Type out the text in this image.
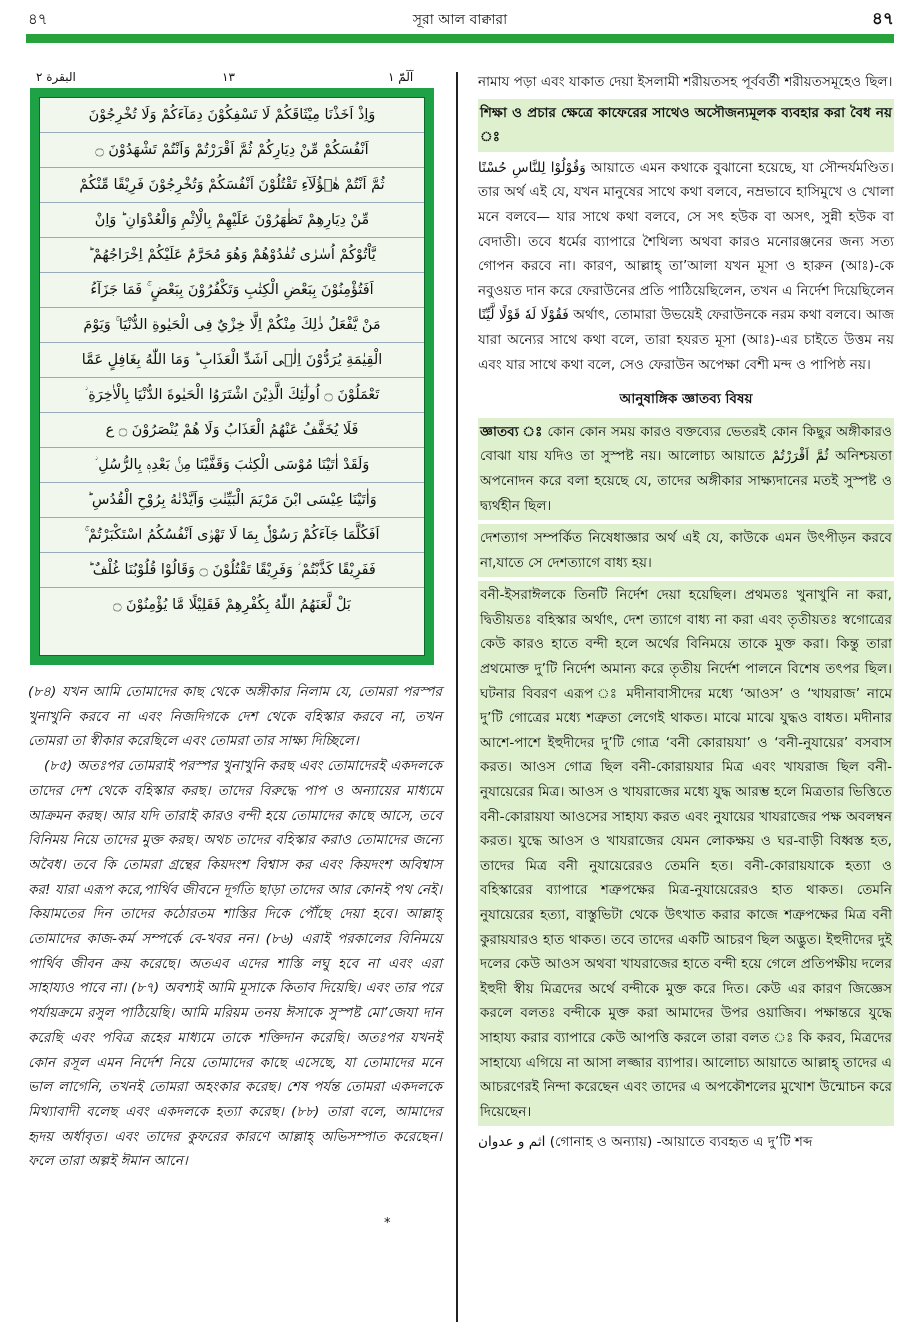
৪৭	সূরা আল বাক্বারা	৪৭
آلٓمّٓ ١
١٣
البقرة ٢
وَاِذْ اَخَذْنَا مِيْثَاقَكُمْ لَا تَسْفِكُوْنَ دِمَآءَكُمْ وَلَا تُخْرِجُوْنَ
اَنْفُسَكُمْ مِّنْ دِيَارِكُمْ ثُمَّ اَقْرَرْتُمْ وَاَنْتُمْ تَشْهَدُوْنَ ۝
ثُمَّ اَنْتُمْ هٰۤؤُلَآءِ تَقْتُلُوْنَ اَنْفُسَكُمْ وَتُخْرِجُوْنَ فَرِيْقًا مِّنْكُمْ
مِّنْ دِيَارِهِمْ تَظٰهَرُوْنَ عَلَيْهِمْ بِالْاِثْمِ وَالْعُدْوَانِ ؕ وَاِنْ
يَّاْتُوْكُمْ اُسٰرٰى تُفٰدُوْهُمْ وَهُوَ مُحَرَّمٌ عَلَيْكُمْ اِخْرَاجُهُمْ ؕ
اَفَتُؤْمِنُوْنَ بِبَعْضِ الْكِتٰبِ وَتَكْفُرُوْنَ بِبَعْضٍ ۚ فَمَا جَزَآءُ
مَنْ يَّفْعَلُ ذٰلِكَ مِنْكُمْ اِلَّا خِزْيٌ فِى الْحَيٰوةِ الدُّنْيَا ۚ وَيَوْمَ
الْقِيٰمَةِ يُرَدُّوْنَ اِلٰۤى اَشَدِّ الْعَذَابِ ؕ وَمَا اللّٰهُ بِغَافِلٍ عَمَّا
تَعْمَلُوْنَ ۝ اُولٰٓئِكَ الَّذِيْنَ اشْتَرَوُا الْحَيٰوةَ الدُّنْيَا بِالْاٰخِرَةِ ؗ
فَلَا يُخَفَّفُ عَنْهُمُ الْعَذَابُ وَلَا هُمْ يُنْصَرُوْنَ ۝ ع
وَلَقَدْ اٰتَيْنَا مُوْسَى الْكِتٰبَ وَقَفَّيْنَا مِنْۢ بَعْدِهٖ بِالرُّسُلِ ؗ
وَاٰتَيْنَا عِيْسَى ابْنَ مَرْيَمَ الْبَيِّنٰتِ وَاَيَّدْنٰهُ بِرُوْحِ الْقُدُسِ ؕ
اَفَكُلَّمَا جَآءَكُمْ رَسُوْلٌۢ بِمَا لَا تَهْوٰۤى اَنْفُسُكُمُ اسْتَكْبَرْتُمْ ۚ
فَفَرِيْقًا كَذَّبْتُمْ ؗ وَفَرِيْقًا تَقْتُلُوْنَ ۝ وَقَالُوْا قُلُوْبُنَا غُلْفٌ ؕ
بَلْ لَّعَنَهُمُ اللّٰهُ بِكُفْرِهِمْ فَقَلِيْلًا مَّا يُؤْمِنُوْنَ ۝

(৮৪) যখন আমি তোমাদের কাছ থেকে অঙ্গীকার নিলাম যে, তোমরা পরস্পর খুনাখুনি করবে না এবং নিজদিগকে দেশ থেকে বহিস্কার করবে না, তখন তোমরা তা স্বীকার করেছিলে এবং তোমরা তার সাক্ষ্য দিচ্ছিলে।

(৮৫) অতঃপর তোমরাই পরস্পর খুনাখুনি করছ এবং তোমাদেরই একদলকে তাদের দেশ থেকে বহিস্কার করছ। তাদের বিরুদ্ধে পাপ ও অন্যায়ের মাধ্যমে আক্রমন করছ। আর যদি তারাই কারও বন্দী হয়ে তোমাদের কাছে আসে, তবে বিনিময় নিয়ে তাদের মুক্ত করছ। অথচ তাদের বহিস্কার করাও তোমাদের জন্যে অবৈধ। তবে কি তোমরা গ্রন্থের কিয়দংশ বিশ্বাস কর এবং কিয়দংশ অবিশ্বাস কর! যারা এরূপ করে,পার্থিব জীবনে দূর্গতি ছাড়া তাদের আর কোনই পথ নেই। কিয়ামতের দিন তাদের কঠোরতম শাস্তির দিকে পৌঁছে দেয়া হবে। আল্লাহ্‌ তোমাদের কাজ-কর্ম সম্পর্কে বে-খবর নন। (৮৬) এরাই পরকালের বিনিময়ে পার্থিব জীবন ক্রয় করেছে। অতএব এদের শাস্তি লঘু হবে না এবং এরা সাহায্যও পাবে না। (৮৭) অবশ্যই আমি মূসাকে কিতাব দিয়েছি। এবং তার পরে পর্যায়ক্রমে রসুল পাঠিয়েছি। আমি মরিয়ম তনয় ঈসাকে সুস্পষ্ট মো’জেযা দান করেছি এবং পবিত্র রূহের মাধ্যমে তাকে শক্তিদান করেছি। অতঃপর যখনই কোন রসূল এমন নির্দেশ নিয়ে তোমাদের কাছে এসেছে, যা তোমাদের মনে ভাল লাগেনি, তখনই তোমরা অহংকার করেছ। শেষ পর্যন্ত তোমরা একদলকে মিথ্যাবাদী বলেছ এবং একদলকে হত্যা করেছ। (৮৮) তারা বলে, আমাদের হৃদয় অর্ধাবৃত। এবং তাদের কুফরের কারণে আল্লাহ্‌ অভিসম্পাত করেছেন। ফলে তারা অল্পই ঈমান আনে।

*

নামায পড়া এবং যাকাত দেয়া ইসলামী শরীয়তসহ পূর্ববর্তী শরীয়তসমূহেও ছিল।

শিক্ষা ও প্রচার ক্ষেত্রে কাফেরের সাথেও অসৌজন্যমূলক ব্যবহার করা বৈধ নয় ঃ

وَقُوْلُوْا لِلنَّاسِ حُسْنًا আয়াতে এমন কথাকে বুঝানো হয়েছে, যা সৌন্দর্যমণ্ডিত। তার অর্থ এই যে, যখন মানুষের সাথে কথা বলবে, নম্রভাবে হাসিমুখে ও খোলা মনে বলবে— যার সাথে কথা বলবে, সে সৎ হউক বা অসৎ, সুন্নী হউক বা বেদাতী। তবে ধর্মের ব্যাপারে শৈথিল্য অথবা কারও মনোরঞ্জনের জন্য সত্য গোপন করবে না। কারণ, আল্লাহ্‌ তা’আলা যখন মূসা ও হারুন (আঃ)-কে নবুওয়ত দান করে ফেরাউনের প্রতি পাঠিয়েছিলেন, তখন এ নির্দেশ দিয়েছিলেন فَقُوْلَا لَهٗ قَوْلًا لَّيِّنًا অর্থাৎ, তোমারা উভয়েই ফেরাউনকে নরম কথা বলবে। আজ যারা অন্যের সাথে কথা বলে, তারা হযরত মূসা (আঃ)-এর চাইতে উত্তম নয় এবং যার সাথে কথা বলে, সেও ফেরাউন অপেক্ষা বেশী মন্দ ও পাপিষ্ঠ নয়।

আনুষাঙ্গিক জ্ঞাতব্য বিষয়
জ্ঞাতব্য ঃ কোন কোন সময় কারও বক্তব্যের ভেতরই কোন কিছুর অঙ্গীকারও বোঝা যায় যদিও তা সুস্পষ্ট নয়। আলোচ্য আয়াতে ثُمَّ اَقْرَرْتُمْ অনিশ্চয়তা অপনোদন করে বলা হয়েছে যে, তাদের অঙ্গীকার সাক্ষ্যদানের মতই সুস্পষ্ট ও দ্ব্যর্থহীন ছিল।
দেশত্যাগ সম্পর্কিত নিষেধাজ্ঞার অর্থ এই যে, কাউকে এমন উৎপীড়ন করবে না,যাতে সে দেশত্যাগে বাধ্য হয়।
বনী-ইসরাঈলকে তিনটি নির্দেশ দেয়া হয়েছিল। প্রথমতঃ খুনাখুনি না করা, দ্বিতীয়তঃ বহিস্কার অর্থাৎ, দেশ ত্যাগে বাধ্য না করা এবং তৃতীয়তঃ স্বগোত্রের কেউ কারও হাতে বন্দী হলে অর্থের বিনিময়ে তাকে মুক্ত করা। কিন্তু তারা প্রথমোক্ত দু’টি নির্দেশ অমান্য করে তৃতীয় নির্দেশ পালনে বিশেষ তৎপর ছিল। ঘটনার বিবরণ এরূপ ঃ মদীনাবাসীদের মধ্যে ‘আওস’ ও ‘খাযরাজ’ নামে দু’টি গোত্রের মধ্যে শত্রুতা লেগেই থাকত। মাঝে মাঝে যুদ্ধও বাধত। মদীনার আশে-পাশে ইহুদীদের দু’টি গোত্র ‘বনী কোরায়যা’ ও ‘বনী-নুযায়ের’ বসবাস করত। আওস গোত্র ছিল বনী-কোরায়যার মিত্র এবং খাযরাজ ছিল বনী-নুযায়েরের মিত্র। আওস ও খাযরাজের মধ্যে যুদ্ধ আরম্ভ হলে মিত্রতার ভিত্তিতে বনী-কোরায়যা আওসের সাহায্য করত এবং নুযায়ের খাযরাজের পক্ষ অবলম্বন করত। যুদ্ধে আওস ও খাযরাজের যেমন লোকক্ষয় ও ঘর-বাড়ী বিধ্বস্ত হত, তাদের মিত্র বনী নুযায়েরেরও তেমনি হত। বনী-কোরায়যাকে হত্যা ও বহিস্কারের ব্যাপারে শত্রুপক্ষের মিত্র-নুযায়েরেরও হাত থাকত। তেমনি নুযায়েরের হত্যা, বাস্তুভিটা থেকে উৎখাত করার কাজে শত্রুপক্ষের মিত্র বনী কুরায়যারও হাত থাকত। তবে তাদের একটি আচরণ ছিল অদ্ভুত। ইহুদীদের দুই দলের কেউ আওস অথবা খাযরাজের হাতে বন্দী হয়ে গেলে প্রতিপক্ষীয় দলের ইহুদী স্বীয় মিত্রদের অর্থে বন্দীকে মুক্ত করে দিত। কেউ এর কারণ জিজ্ঞেস করলে বলতঃ বন্দীকে মুক্ত করা আমাদের উপর ওয়াজিব। পক্ষান্তরে যুদ্ধে সাহায্য করার ব্যাপারে কেউ আপত্তি করলে তারা বলত ঃ কি করব, মিত্রদের সাহায্যে এগিয়ে না আসা লজ্জার ব্যাপার। আলোচ্য আয়াতে আল্লাহ্‌ তাদের এ আচরণেরই নিন্দা করেছেন এবং তাদের এ অপকৌশলের মুখোশ উন্মোচন করে দিয়েছেন।

اثم و عدوان (গোনাহ ও অন্যায়) -আয়াতে ব্যবহৃত এ দু’টি শব্দ
